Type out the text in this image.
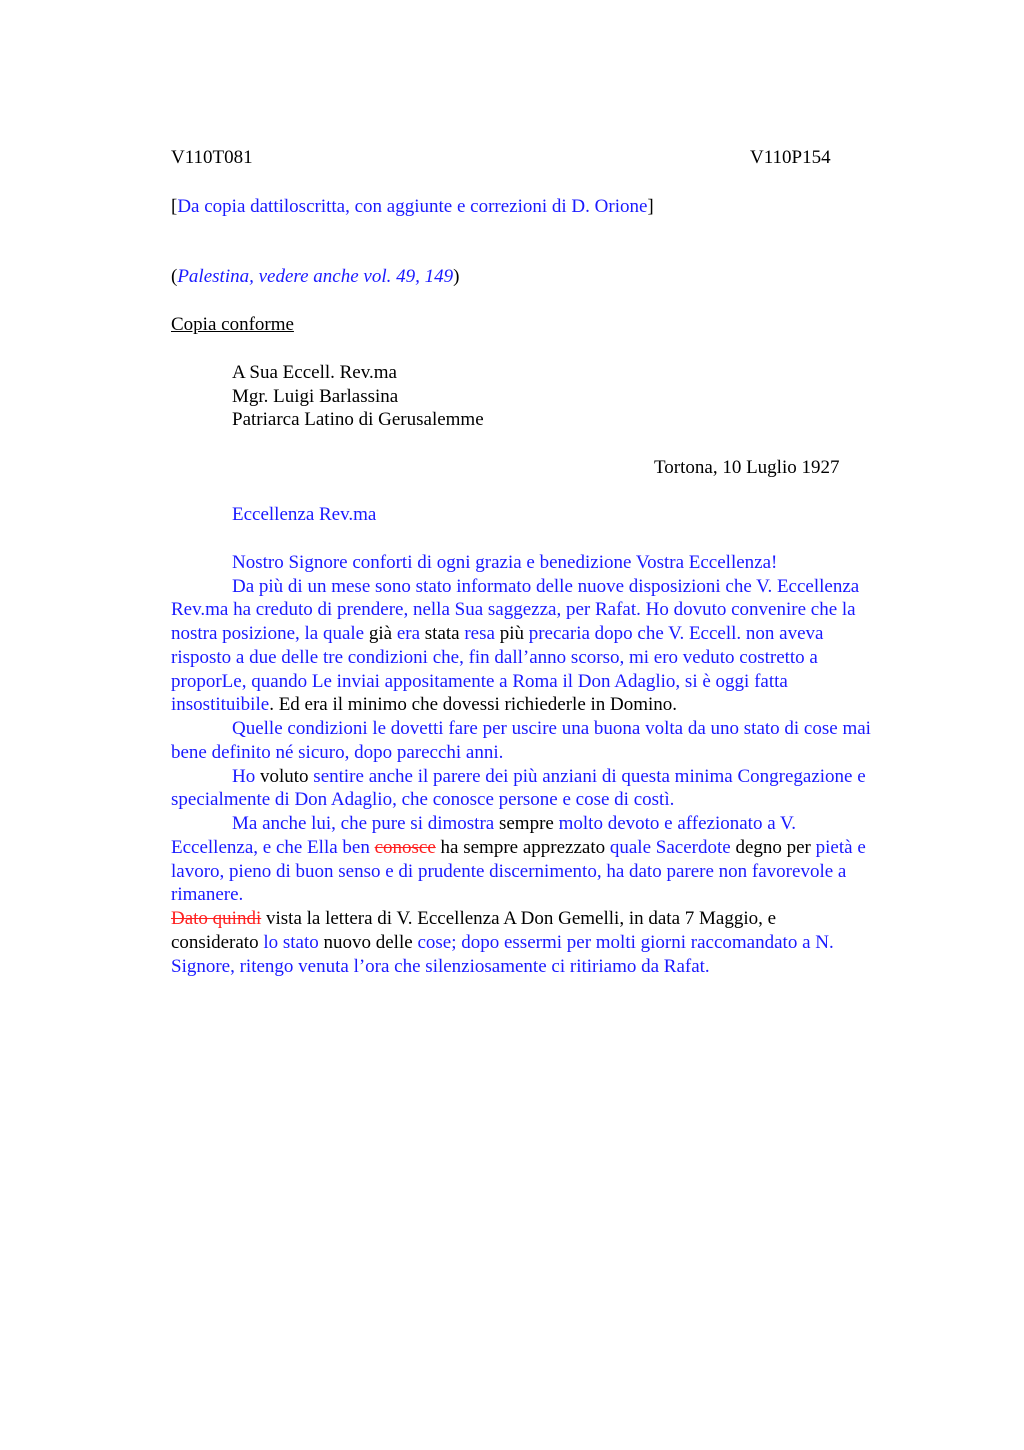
V110T081	V110P154
[Da copia dattiloscritta, con aggiunte e correzioni di D. Orione]
(Palestina, vedere anche vol. 49, 149)
Copia conforme
A Sua Eccell. Rev.ma
Mgr. Luigi Barlassina
Patriarca Latino di Gerusalemme
Tortona, 10 Luglio 1927
Eccellenza Rev.ma
Nostro Signore conforti di ogni grazia e benedizione Vostra Eccellenza!
Da più di un mese sono stato informato delle nuove disposizioni che V. Eccellenza
Rev.ma ha creduto di prendere, nella Sua saggezza, per Rafat. Ho dovuto convenire che la
nostra posizione, la quale già era stata resa più precaria dopo che V. Eccell. non aveva
risposto a due delle tre condizioni che, fin dall’anno scorso, mi ero veduto costretto a
proporLe, quando Le inviai appositamente a Roma il Don Adaglio, si è oggi fatta
insostituibile. Ed era il minimo che dovessi richiederle in Domino.
Quelle condizioni le dovetti fare per uscire una buona volta da uno stato di cose mai
bene definito né sicuro, dopo parecchi anni.
Ho voluto sentire anche il parere dei più anziani di questa minima Congregazione e
specialmente di Don Adaglio, che conosce persone e cose di costì.
Ma anche lui, che pure si dimostra sempre molto devoto e affezionato a V.
Eccellenza, e che Ella ben conosce ha sempre apprezzato quale Sacerdote degno per pietà e
lavoro, pieno di buon senso e di prudente discernimento, ha dato parere non favorevole a
rimanere.
Dato quindi vista la lettera di V. Eccellenza A Don Gemelli, in data 7 Maggio, e
considerato lo stato nuovo delle cose; dopo essermi per molti giorni raccomandato a N.
Signore, ritengo venuta l’ora che silenziosamente ci ritiriamo da Rafat.
